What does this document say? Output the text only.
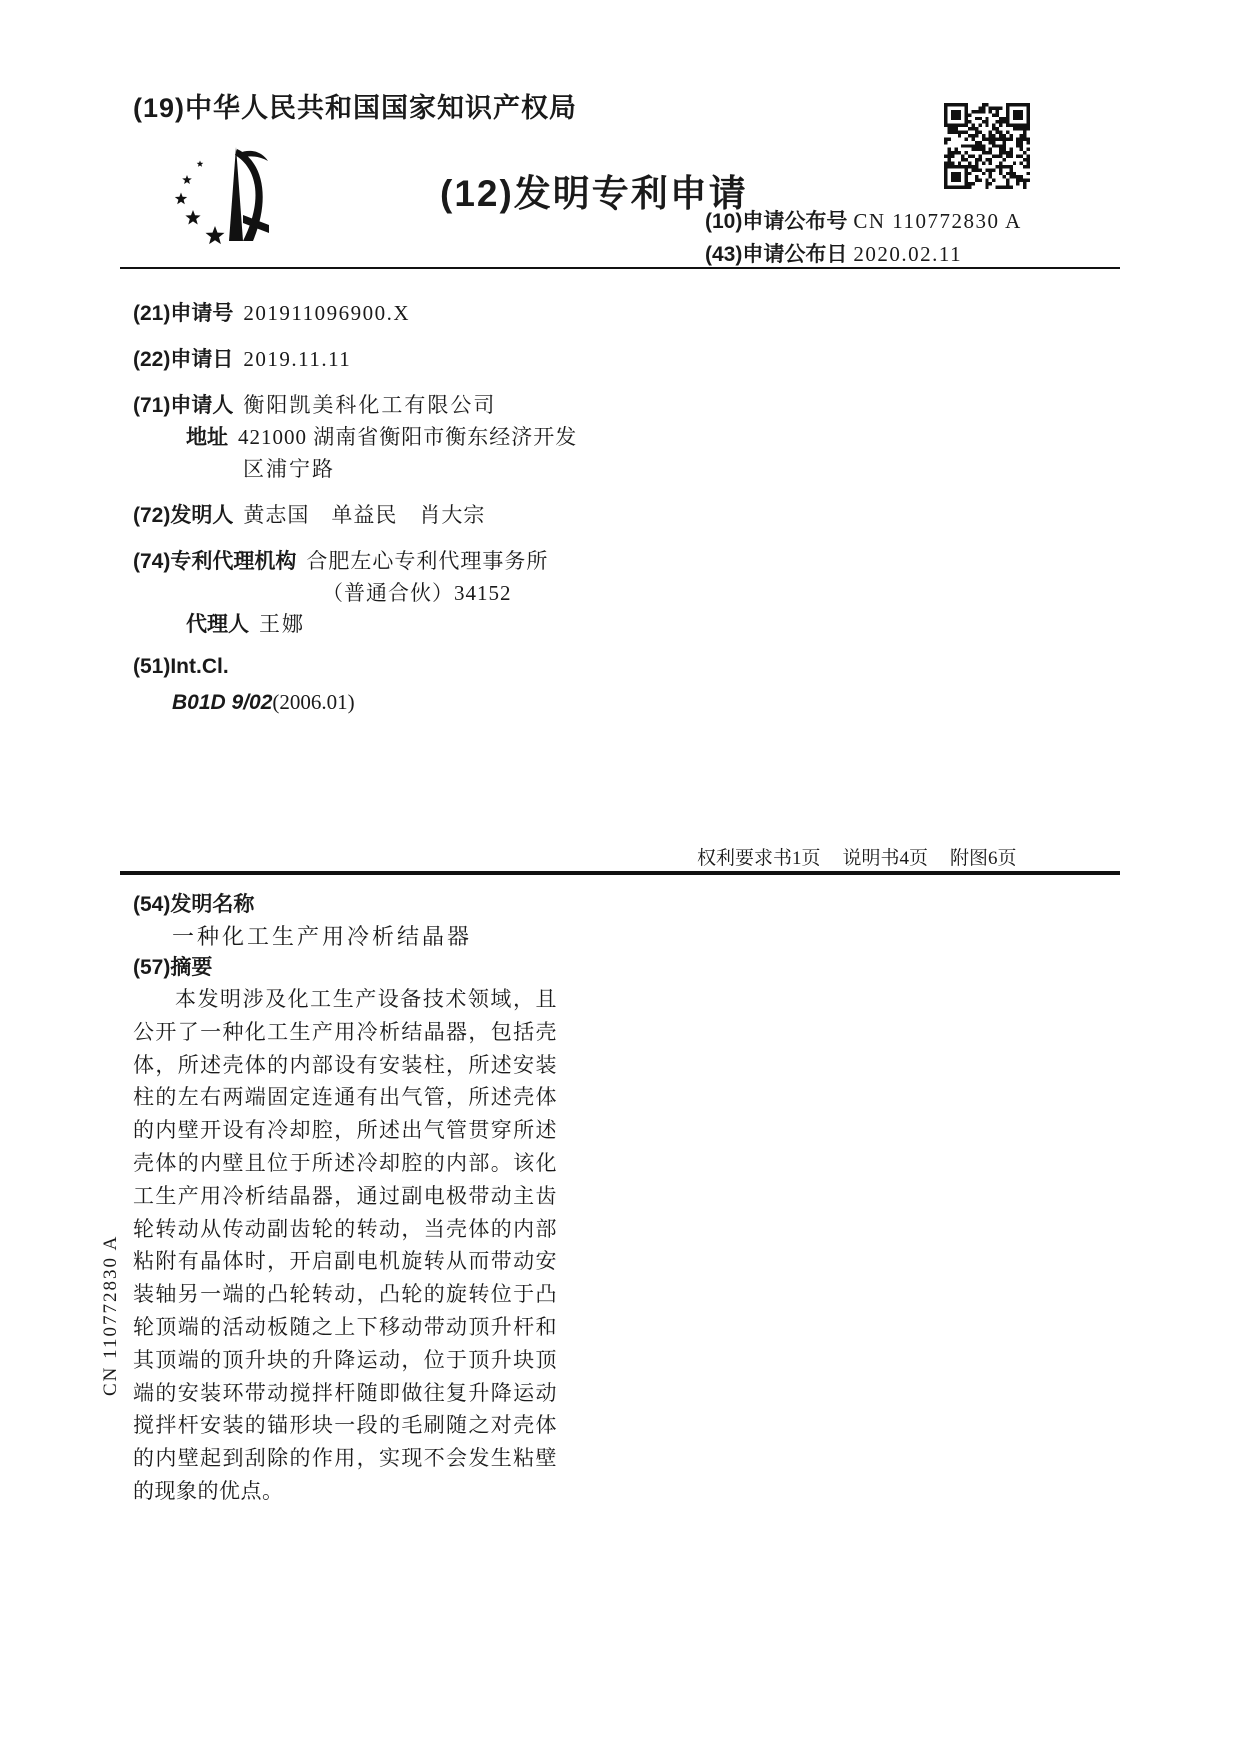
(19)中华人民共和国国家知识产权局
(12)发明专利申请
(10)申请公布号 CN 110772830 A
(43)申请公布日 2020.02.11
(21)申请号 201911096900.X
(22)申请日 2019.11.11
(71)申请人 衡阳凯美科化工有限公司
地址 421000 湖南省衡阳市衡东经济开发
区浦宁路
(72)发明人 黄志国　单益民　肖大宗
(74)专利代理机构 合肥左心专利代理事务所
（普通合伙）34152
代理人 王娜
(51)Int.Cl.
B01D 9/02(2006.01)
权利要求书1页 说明书4页 附图6页
(54)发明名称
一种化工生产用冷析结晶器
(57)摘要
本发明涉及化工生产设备技术领域，且公开了一种化工生产用冷析结晶器，包括壳体，所述壳体的内部设有安装柱，所述安装柱的左右两端固定连通有出气管，所述壳体的内壁开设有冷却腔，所述出气管贯穿所述壳体的内壁且位于所述冷却腔的内部。该化工生产用冷析结晶器，通过副电极带动主齿轮转动从传动副齿轮的转动，当壳体的内部粘附有晶体时，开启副电机旋转从而带动安装轴另一端的凸轮转动，凸轮的旋转位于凸轮顶端的活动板随之上下移动带动顶升杆和其顶端的顶升块的升降运动，位于顶升块顶端的安装环带动搅拌杆随即做往复升降运动搅拌杆安装的锚形块一段的毛刷随之对壳体的内壁起到刮除的作用，实现不会发生粘壁的现象的优点。
CN 110772830 A
